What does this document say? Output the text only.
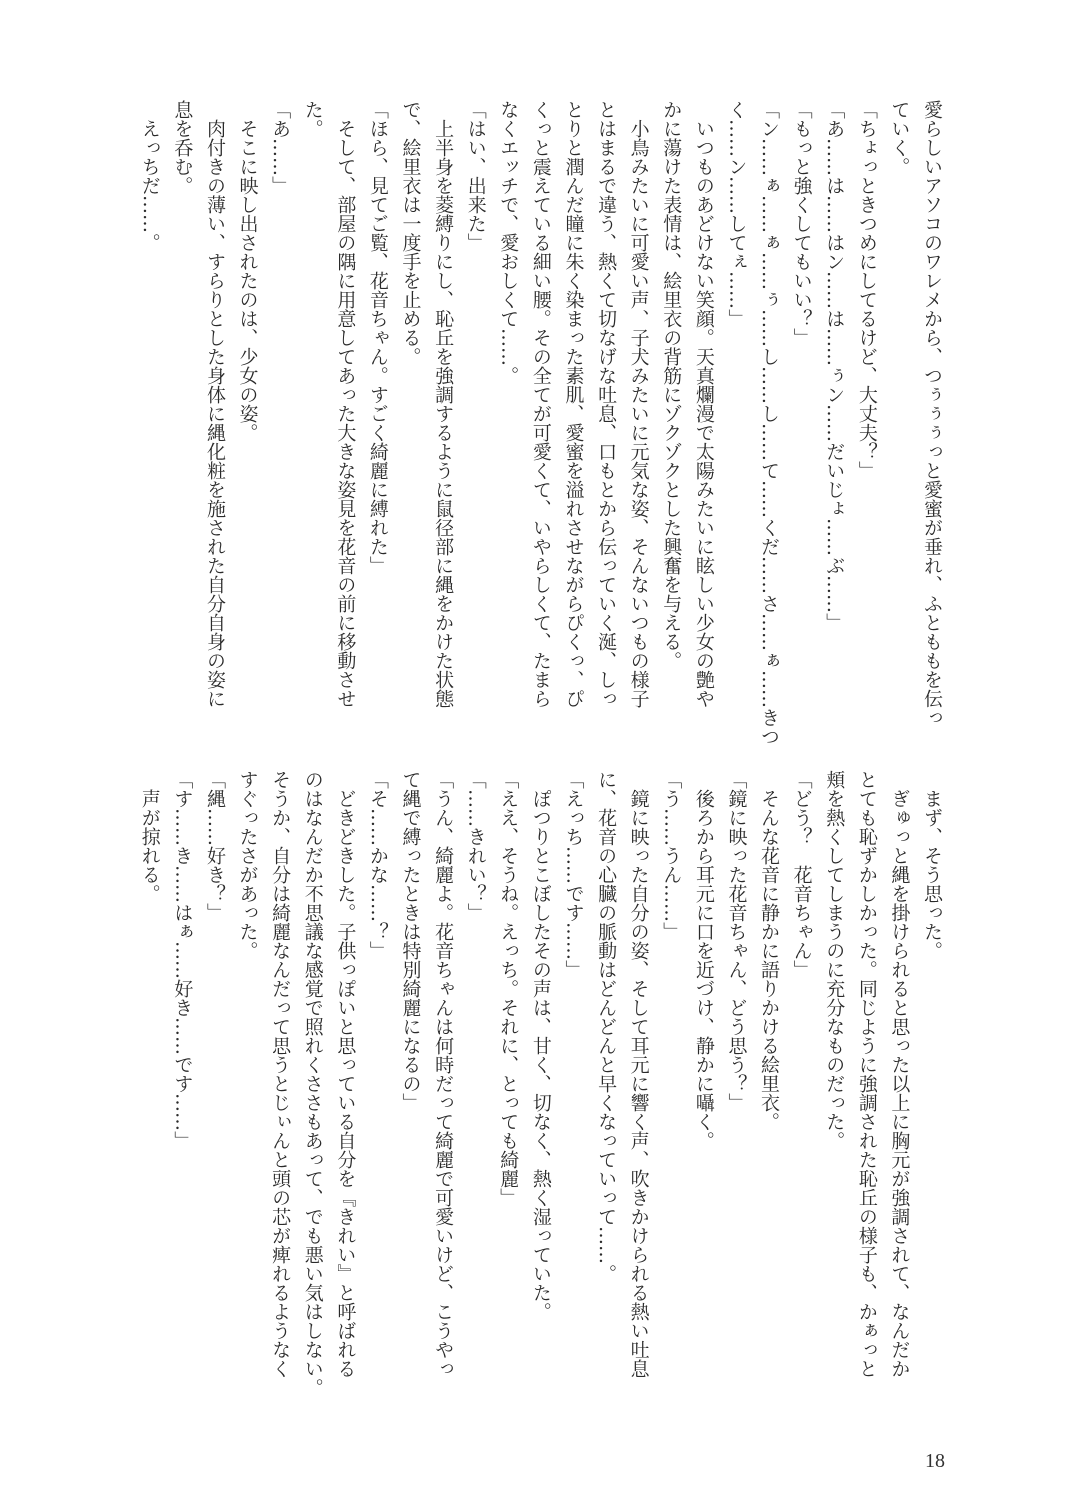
愛らしいアソコのワレメから、つぅぅぅっと愛蜜が垂れ、ふとももを伝っ
ていく。
「ちょっときつめにしてるけど、大丈夫？」
「あ……は……はン……は……ぅン……だいじょ……ぶ……」
「もっと強くしてもいい？」
「ン……ぁ……ぁ……ぅ……し……し……て……くだ……さ……ぁ……きつ
く……ン……してぇ……」
　いつものあどけない笑顔。天真爛漫で太陽みたいに眩しい少女の艶や
かに蕩けた表情は、絵里衣の背筋にゾクゾクとした興奮を与える。
　小鳥みたいに可愛い声、子犬みたいに元気な姿、そんないつもの様子
とはまるで違う、熱くて切なげな吐息、口もとから伝っていく涎、しっ
とりと潤んだ瞳に朱く染まった素肌、愛蜜を溢れさせながらぴくっ、ぴ
くっと震えている細い腰。その全てが可愛くて、いやらしくて、たまら
なくエッチで、愛おしくて……。
「はい、出来た」
　上半身を菱縛りにし、恥丘を強調するように鼠径部に縄をかけた状態
で、絵里衣は一度手を止める。
「ほら、見てご覧、花音ちゃん。すごく綺麗に縛れた」
　そして、部屋の隅に用意してあった大きな姿見を花音の前に移動させ
た。
「あ……」
　そこに映し出されたのは、少女の姿。
　肉付きの薄い、すらりとした身体に縄化粧を施された自分自身の姿に
息を呑む。
　えっちだ……。
　まず、そう思った。
　ぎゅっと縄を掛けられると思った以上に胸元が強調されて、なんだか
とても恥ずかしかった。同じように強調された恥丘の様子も、かぁっと
頬を熱くしてしまうのに充分なものだった。
「どう？　花音ちゃん」
　そんな花音に静かに語りかける絵里衣。
「鏡に映った花音ちゃん、どう思う？」
　後ろから耳元に口を近づけ、静かに囁く。
「う……うん……」
　鏡に映った自分の姿、そして耳元に響く声、吹きかけられる熱い吐息
に、花音の心臓の脈動はどんどんと早くなっていって……。
「えっち……です……」
　ぽつりとこぼしたその声は、甘く、切なく、熱く湿っていた。
「ええ、そうね。えっち。それに、とっても綺麗」
「……きれい？」
「うん、綺麗よ。花音ちゃんは何時だって綺麗で可愛いけど、こうやっ
て縄で縛ったときは特別綺麗になるの」
「そ……かな……？」
　どきどきした。子供っぽいと思っている自分を『きれい』と呼ばれる
のはなんだか不思議な感覚で照れくささもあって、でも悪い気はしない。
そうか、自分は綺麗なんだって思うとじぃんと頭の芯が痺れるようなく
すぐったさがあった。
「縄……好き？」
「す……き……はぁ……好き……です……」
　声が掠れる。
18
